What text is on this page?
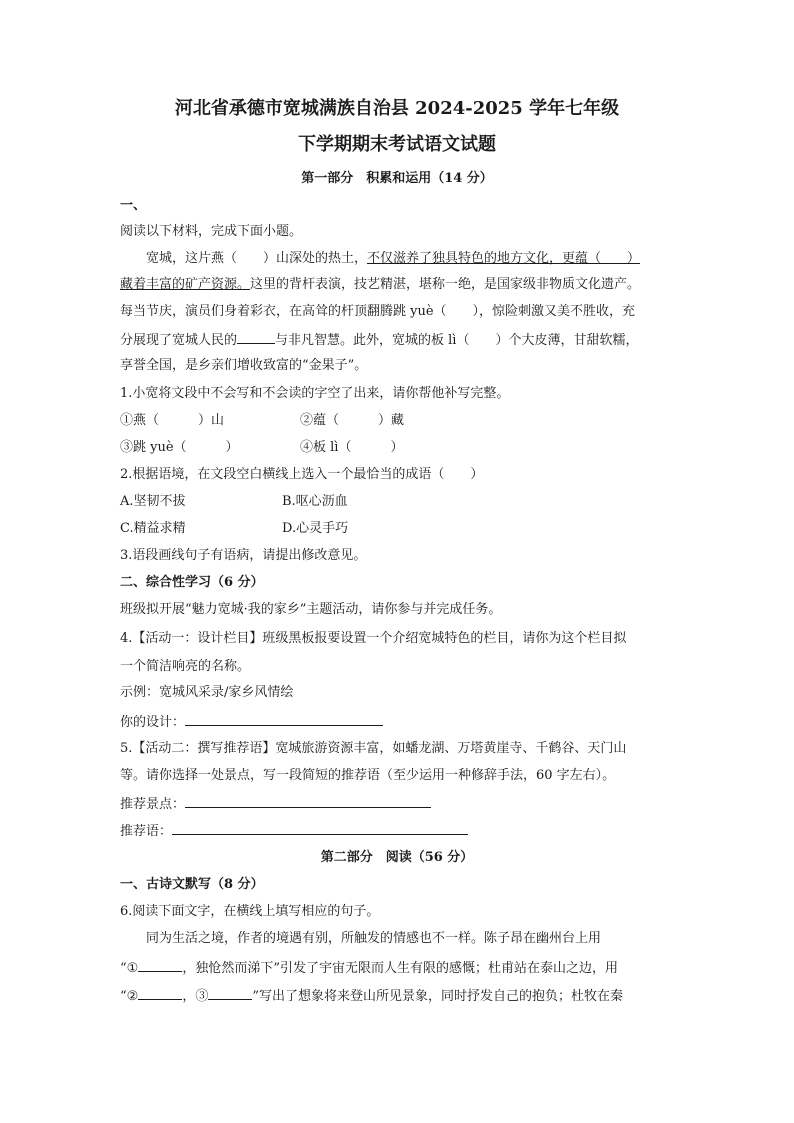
河北省承德市宽城满族自治县 2024-2025 学年七年级
下学期期末考试语文试题
第一部分　积累和运用（14 分）
一、
阅读以下材料，完成下面小题。
宽城，这片燕（　　）山深处的热土，不仅滋养了独具特色的地方文化，更蕴（　　）
藏着丰富的矿产资源。这里的背杆表演，技艺精湛，堪称一绝，是国家级非物质文化遗产。
每当节庆，演员们身着彩衣，在高耸的杆顶翻腾跳 yuè（　　），惊险刺激又美不胜收，充
分展现了宽城人民的	与非凡智慧。此外，宽城的板 lì（　　）个大皮薄，甘甜软糯，
享誉全国，是乡亲们增收致富的“金果子”。
1.小宽将文段中不会写和不会读的字空了出来，请你帮他补写完整。
①燕（　　　）山	②蕴（　　　）藏
③跳 yuè（　　　）	④板 lì（　　　）
2.根据语境，在文段空白横线上选入一个最恰当的成语（　　）
A.坚韧不拔	B.呕心沥血
C.精益求精	D.心灵手巧
3.语段画线句子有语病，请提出修改意见。
二、综合性学习（6 分）
班级拟开展“魅力宽城·我的家乡”主题活动，请你参与并完成任务。
4.【活动一：设计栏目】班级黑板报要设置一个介绍宽城特色的栏目，请你为这个栏目拟
一个简洁响亮的名称。
示例：宽城风采录/家乡风情绘
你的设计：
5.【活动二：撰写推荐语】宽城旅游资源丰富，如蟠龙湖、万塔黄崖寺、千鹤谷、天门山
等。请你选择一处景点，写一段简短的推荐语（至少运用一种修辞手法，60 字左右）。
推荐景点：
推荐语：
第二部分　阅读（56 分）
一、古诗文默写（8 分）
6.阅读下面文字，在横线上填写相应的句子。
同为生活之境，作者的境遇有别，所触发的情感也不一样。陈子昂在幽州台上用
“①	，独怆然而涕下”引发了宇宙无限而人生有限的感慨；杜甫站在泰山之边，用
“②	，③	”写出了想象将来登山所见景象，同时抒发自己的抱负；杜牧在秦
